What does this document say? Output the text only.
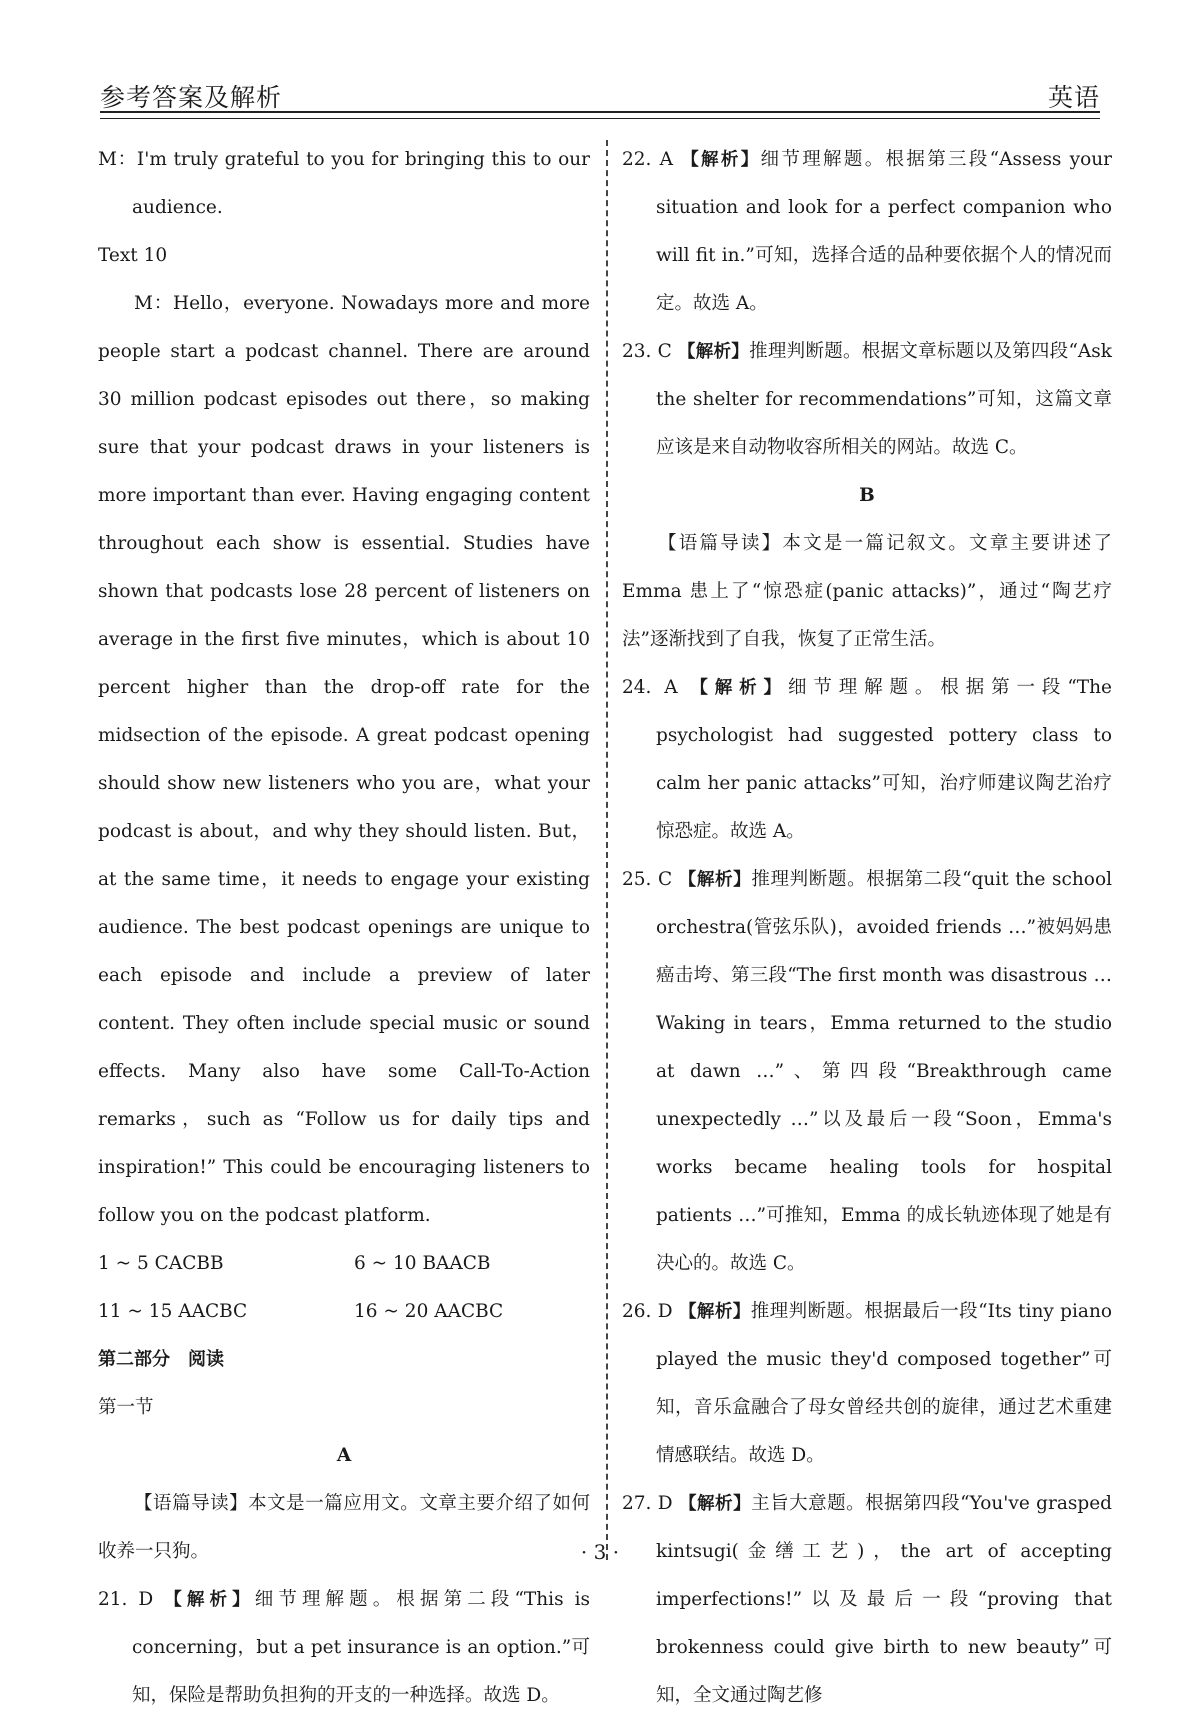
参考答案及解析	英语

M：I'm truly grateful to you for bringing this to our audience.

Text 10

M：Hello，everyone. Nowadays more and more people start a podcast channel. There are around 30 million podcast episodes out there，so making sure that your podcast draws in your listeners is more important than ever. Having engaging content throughout each show is essential. Studies have shown that podcasts lose 28 percent of listeners on average in the first five minutes，which is about 10 percent higher than the drop-off rate for the midsection of the episode. A great podcast opening should show new listeners who you are，what your podcast is about，and why they should listen. But，at the same time，it needs to engage your existing audience. The best podcast openings are unique to each episode and include a preview of later content. They often include special music or sound effects. Many also have some Call-To-Action remarks，such as “Follow us for daily tips and inspiration!” This could be encouraging listeners to follow you on the podcast platform.

1 ~ 5 CACBB	6 ~ 10 BAACB
11 ~ 15 AACBC	16 ~ 20 AACBC

第二部分　阅读

第一节

A

【语篇导读】本文是一篇应用文。文章主要介绍了如何收养一只狗。

21. D 【解析】细节理解题。根据第二段“This is concerning，but a pet insurance is an option.”可知，保险是帮助负担狗的开支的一种选择。故选 D。

22. A 【解析】细节理解题。根据第三段“Assess your situation and look for a perfect companion who will fit in.”可知，选择合适的品种要依据个人的情况而定。故选 A。

23. C 【解析】推理判断题。根据文章标题以及第四段“Ask the shelter for recommendations”可知，这篇文章应该是来自动物收容所相关的网站。故选 C。

B

【语篇导读】本文是一篇记叙文。文章主要讲述了 Emma 患上了“惊恐症(panic attacks)”，通过“陶艺疗法”逐渐找到了自我，恢复了正常生活。

24. A 【解析】细节理解题。根据第一段“The psychologist had suggested pottery class to calm her panic attacks”可知，治疗师建议陶艺治疗惊恐症。故选 A。

25. C 【解析】推理判断题。根据第二段“quit the school orchestra(管弦乐队)，avoided friends …”被妈妈患癌击垮、第三段“The first month was disastrous … Waking in tears，Emma returned to the studio at dawn …”、第四段“Breakthrough came unexpectedly …”以及最后一段“Soon，Emma's works became healing tools for hospital patients …”可推知，Emma 的成长轨迹体现了她是有决心的。故选 C。

26. D 【解析】推理判断题。根据最后一段“Its tiny piano played the music they'd composed together”可知，音乐盒融合了母女曾经共创的旋律，通过艺术重建情感联结。故选 D。

27. D 【解析】主旨大意题。根据第四段“You've grasped kintsugi(金缮工艺)，the art of accepting imperfections!”以及最后一段“proving that brokenness could give birth to new beauty”可知，全文通过陶艺修

· 3 ·
